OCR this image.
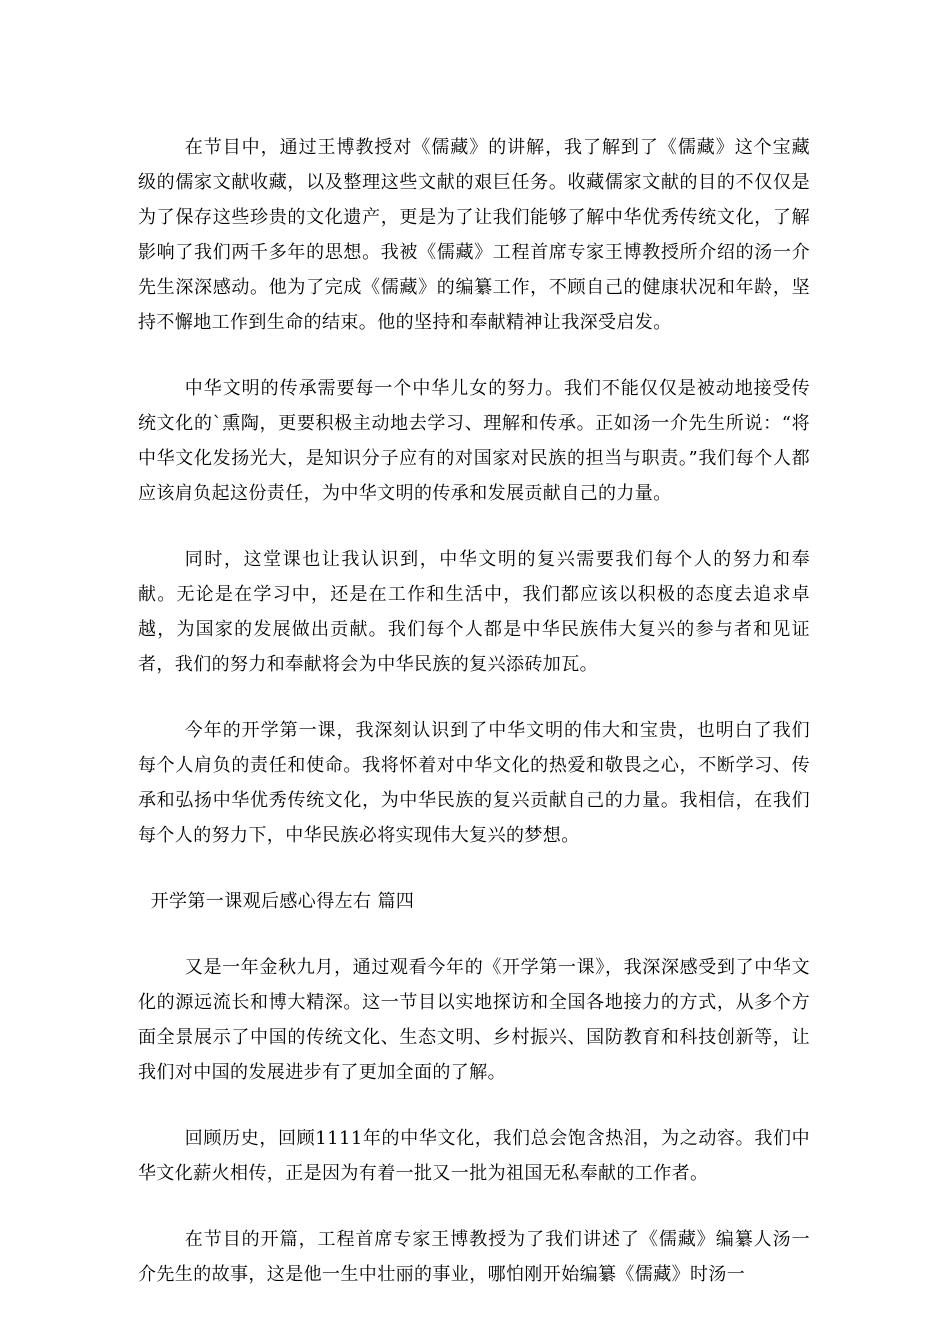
在节目中，通过王博教授对《儒藏》的讲解，我了解到了《儒藏》这个宝藏级的儒家文献收藏，以及整理这些文献的艰巨任务。收藏儒家文献的目的不仅仅是为了保存这些珍贵的文化遗产，更是为了让我们能够了解中华优秀传统文化，了解影响了我们两千多年的思想。我被《儒藏》工程首席专家王博教授所介绍的汤一介先生深深感动。他为了完成《儒藏》的编纂工作，不顾自己的健康状况和年龄，坚持不懈地工作到生命的结束。他的坚持和奉献精神让我深受启发。

中华文明的传承需要每一个中华儿女的努力。我们不能仅仅是被动地接受传统文化的`熏陶，更要积极主动地去学习、理解和传承。正如汤一介先生所说：“将中华文化发扬光大，是知识分子应有的对国家对民族的担当与职责。”我们每个人都应该肩负起这份责任，为中华文明的传承和发展贡献自己的力量。

同时，这堂课也让我认识到，中华文明的复兴需要我们每个人的努力和奉献。无论是在学习中，还是在工作和生活中，我们都应该以积极的态度去追求卓越，为国家的发展做出贡献。我们每个人都是中华民族伟大复兴的参与者和见证者，我们的努力和奉献将会为中华民族的复兴添砖加瓦。

今年的开学第一课，我深刻认识到了中华文明的伟大和宝贵，也明白了我们每个人肩负的责任和使命。我将怀着对中华文化的热爱和敬畏之心，不断学习、传承和弘扬中华优秀传统文化，为中华民族的复兴贡献自己的力量。我相信，在我们每个人的努力下，中华民族必将实现伟大复兴的梦想。

开学第一课观后感心得左右 篇四

又是一年金秋九月，通过观看今年的《开学第一课》，我深深感受到了中华文化的源远流长和博大精深。这一节目以实地探访和全国各地接力的方式，从多个方面全景展示了中国的传统文化、生态文明、乡村振兴、国防教育和科技创新等，让我们对中国的发展进步有了更加全面的了解。

回顾历史，回顾1111年的中华文化，我们总会饱含热泪，为之动容。我们中华文化薪火相传，正是因为有着一批又一批为祖国无私奉献的工作者。

在节目的开篇，工程首席专家王博教授为了我们讲述了《儒藏》编纂人汤一介先生的故事，这是他一生中壮丽的事业，哪怕刚开始编纂《儒藏》时汤一
